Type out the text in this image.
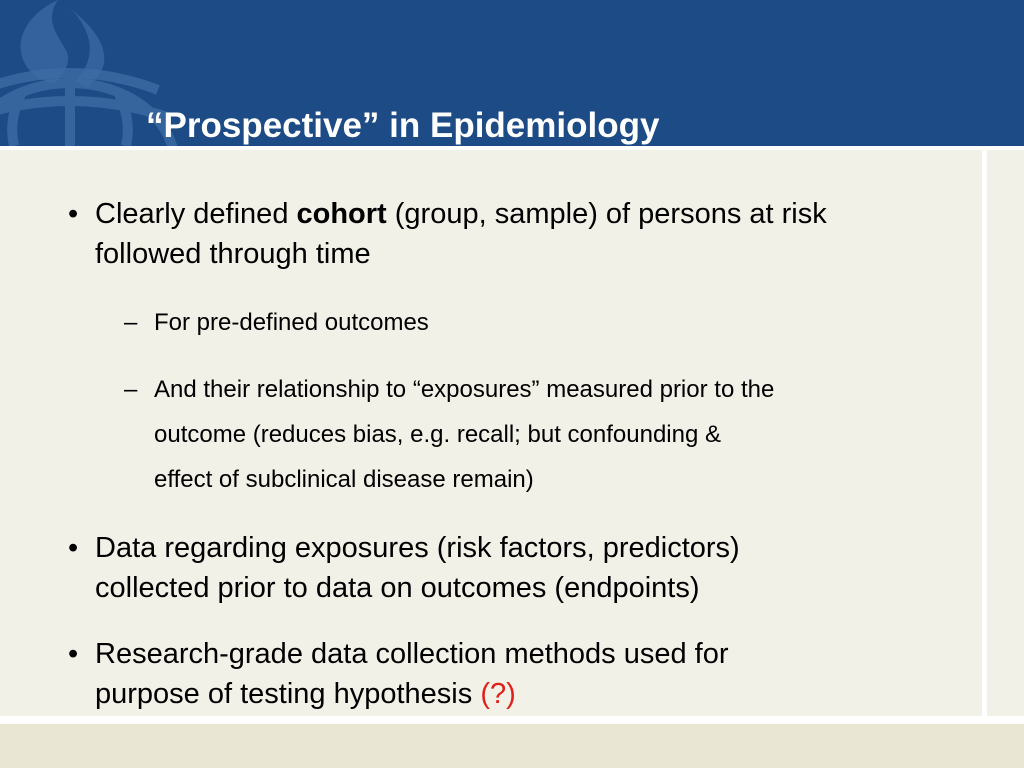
“Prospective” in Epidemiology
• Clearly defined cohort (group, sample) of persons at risk
followed through time
– For pre-defined outcomes
– And their relationship to “exposures” measured prior to the
outcome (reduces bias, e.g. recall; but confounding &
effect of subclinical disease remain)
• Data regarding exposures (risk factors, predictors)
collected prior to data on outcomes (endpoints)
• Research-grade data collection methods used for
purpose of testing hypothesis (?)
